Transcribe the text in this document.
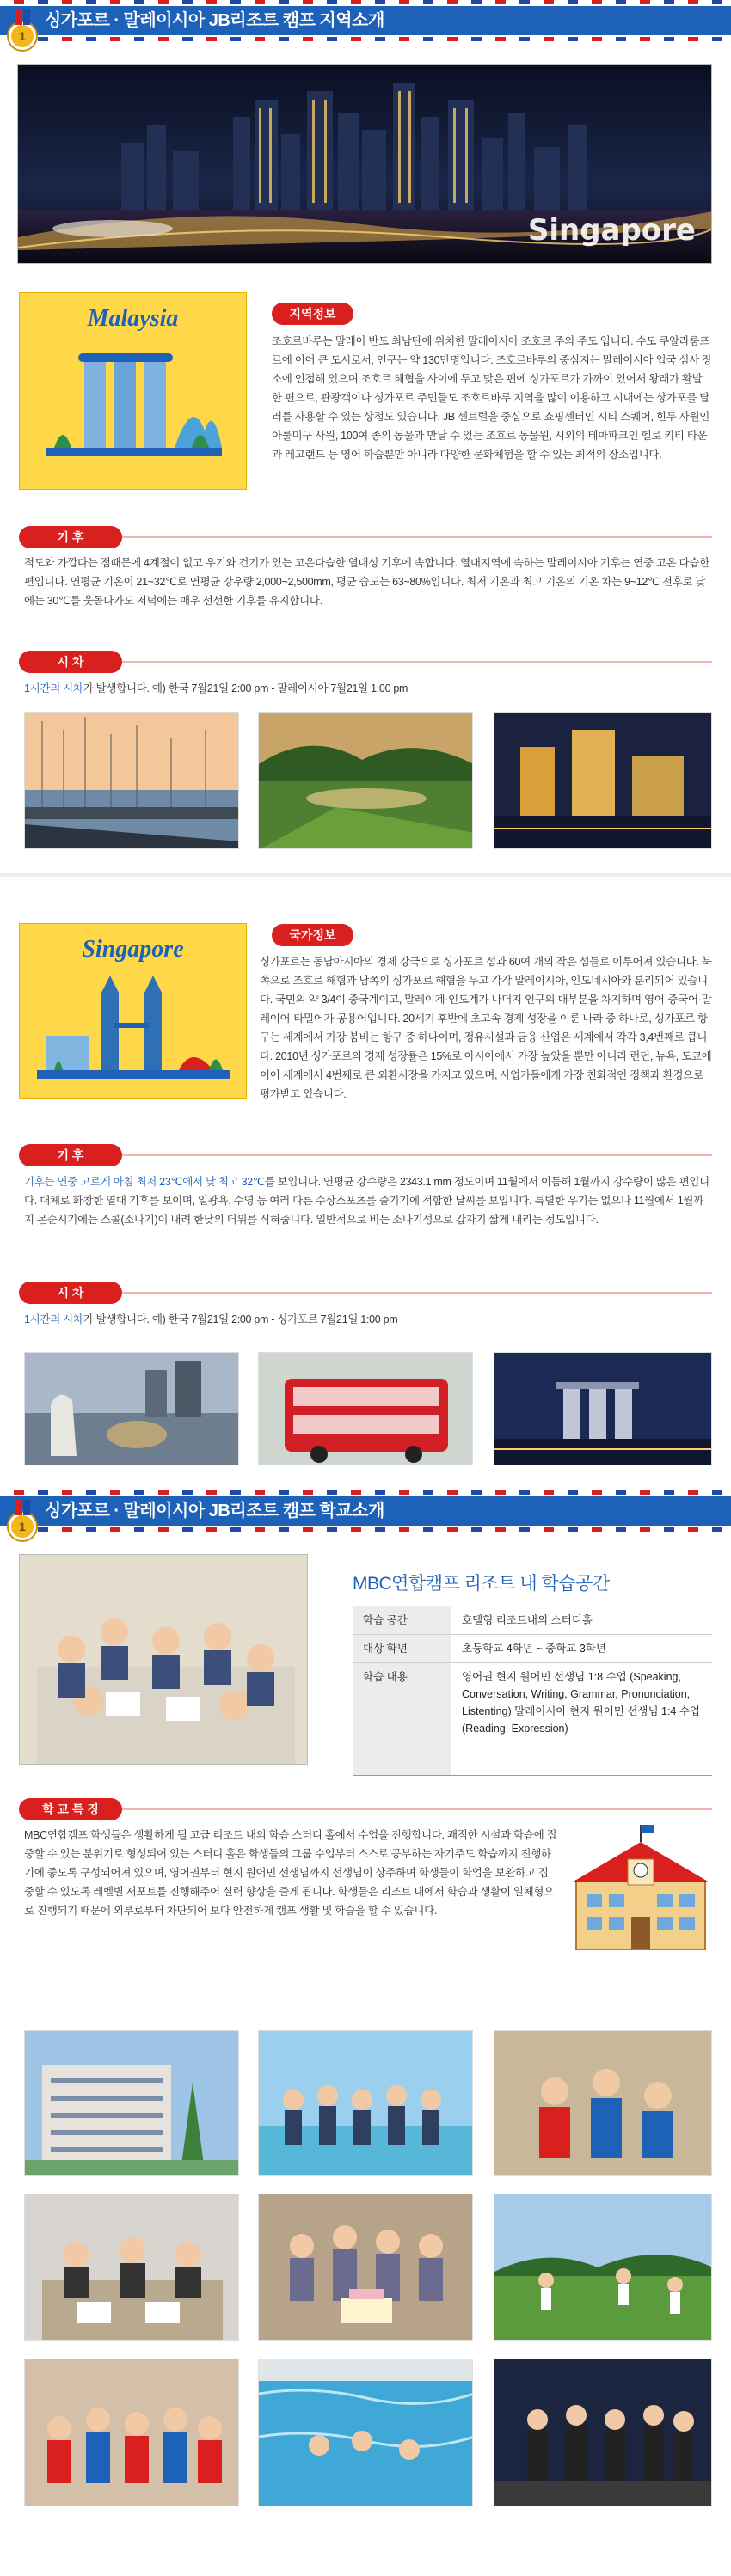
싱가포르 · 말레이시아 JB리조트 캠프 지역소개
1
Singapore
Malaysia	지역정보
조호르바루는 말레이 반도 최남단에 위치한 말레이시아 조호르 주의 주도 입니다. 수도 쿠알라룸프르에 이어 큰 도시로서, 인구는 약 130만명입니다. 조호르바루의 중심지는 말레이시아 입국 심사 장소에 인접해 있으며 조호르 해협을 사이에 두고 맞은 편에 싱가포르가 가까이 있어서 왕래가 활발한 편으로, 관광객이나 싱가포르 주민들도 조호르바루 지역을 많이 이용하고 시내에는 상가포를 달러를 사용할 수 있는 상점도 있습니다. JB 센트럴을 중심으로 쇼핑센터인 시티 스퀘어, 힌두 사원인 아룰미구 사원, 100여 종의 동물과 만날 수 있는 조호르 동물원, 시외의 테마파크인 헬로 키티 타운과 레고랜드 등 영어 학습뿐만 아니라 다양한 문화체험을 할 수 있는 최적의 장소입니다.
기 후
적도와 가깝다는 점때문에 4계절이 없고 우기와 건기가 있는 고온다습한 열대성 기후에 속합니다. 열대지역에 속하는 말레이시아 기후는 연중 고온 다습한 편입니다. 연평균 기온이 21~32℃로 연평균 강우량 2,000~2,500mm, 평균 습도는 63~80%입니다. 최저 기온과 최고 기온의 기온 차는 9~12℃ 전후로 낮에는 30℃를 웃돌다가도 저녁에는 매우 선선한 기후를 유지합니다.
시 차
1시간의 시차가 발생합니다. 예) 한국 7월21일 2:00 pm - 말레이시아 7월21일 1:00 pm
Singapore
국가정보
싱가포르는 동남아시아의 경제 강국으로 싱가포르 섬과 60여 개의 작은 섬들로 이루어져 있습니다. 북쪽으로 조호르 해협과 남쪽의 싱가포르 해협을 두고 각각 말레이시아, 인도네시아와 분리되어 있습니다. 국민의 약 3/4이 중국계이고, 말레이계·인도계가 나머지 인구의 대부분을 차지하며 영어·중국어·말레이어·타밀어가 공용어입니다. 20세기 후반에 초고속 경제 성장을 이룬 나라 중 하나로, 싱가포르 항구는 세계에서 가장 붐비는 항구 중 하나이며, 정유시설과 금융 산업은 세계에서 각각 3,4번째로 큽니다. 2010년 싱가포르의 경제 성장률은 15%로 아시아에서 가장 높았을 뿐만 아니라 런던, 뉴욕, 도쿄에 이어 세계에서 4번째로 큰 외환시장을 가지고 있으며, 사업가들에게 가장 친화적인 정책과 환경으로 평가받고 있습니다.
기 후
기후는 연중 고르게 아침 최저 23℃에서 낮 최고 32℃를 보입니다. 연평균 강수량은 2343.1 mm 정도이며 11월에서 이듬해 1월까지 강수량이 많은 편입니다. 대체로 화창한 열대 기후를 보이며, 일광욕, 수영 등 여러 다른 수상스포츠를 즐기기에 적합한 날씨를 보입니다. 특별한 우기는 없으나 11월에서 1월까지 몬순시기에는 스콜(소나기)이 내려 한낮의 더위를 식혀줍니다. 일반적으로 비는 소나기성으로 갑자기 짧게 내리는 정도입니다.
시 차
1시간의 시차가 발생합니다. 예) 한국 7월21일 2:00 pm - 싱가포르 7월21일 1:00 pm
싱가포르 · 말레이시아 JB리조트 캠프 학교소개
1
MBC연합캠프 리조트 내 학습공간
학습 공간	호텔형 리조트내의 스터디홀
대상 학년	초등학교 4학년 ~ 중학교 3학년
학습 내용	영어권 현지 원어민 선생님 1:8 수업 (Speaking, Conversation, Writing, Grammar, Pronunciation, Listenting) 말레이시아 현지 원어민 선생님 1:4 수업 (Reading, Expression)
학 교 특 징
MBC연합캠프 학생들은 생활하게 될 고급 리조트 내의 학습 스터디 홀에서 수업을 진행합니다. 쾌적한 시설과 학습에 집중할 수 있는 분위기로 형성되어 있는 스터디 홀은 학생들의 그룹 수업부터 스스로 공부하는 자기주도 학습까지 진행하기에 좋도록 구성되어져 있으며, 영어권부터 현지 원어민 선생님까지 선생님이 상주하며 학생들이 학업을 보완하고 집중할 수 있도록 레벨별 서포트를 진행해주어 실력 향상을 즐게 됩니다. 학생들은 리조트 내에서 학습과 생활이 일체형으로 진행되기 때문에 외부로부터 차단되어 보다 안전하게 캠프 생활 및 학습을 할 수 있습니다.
